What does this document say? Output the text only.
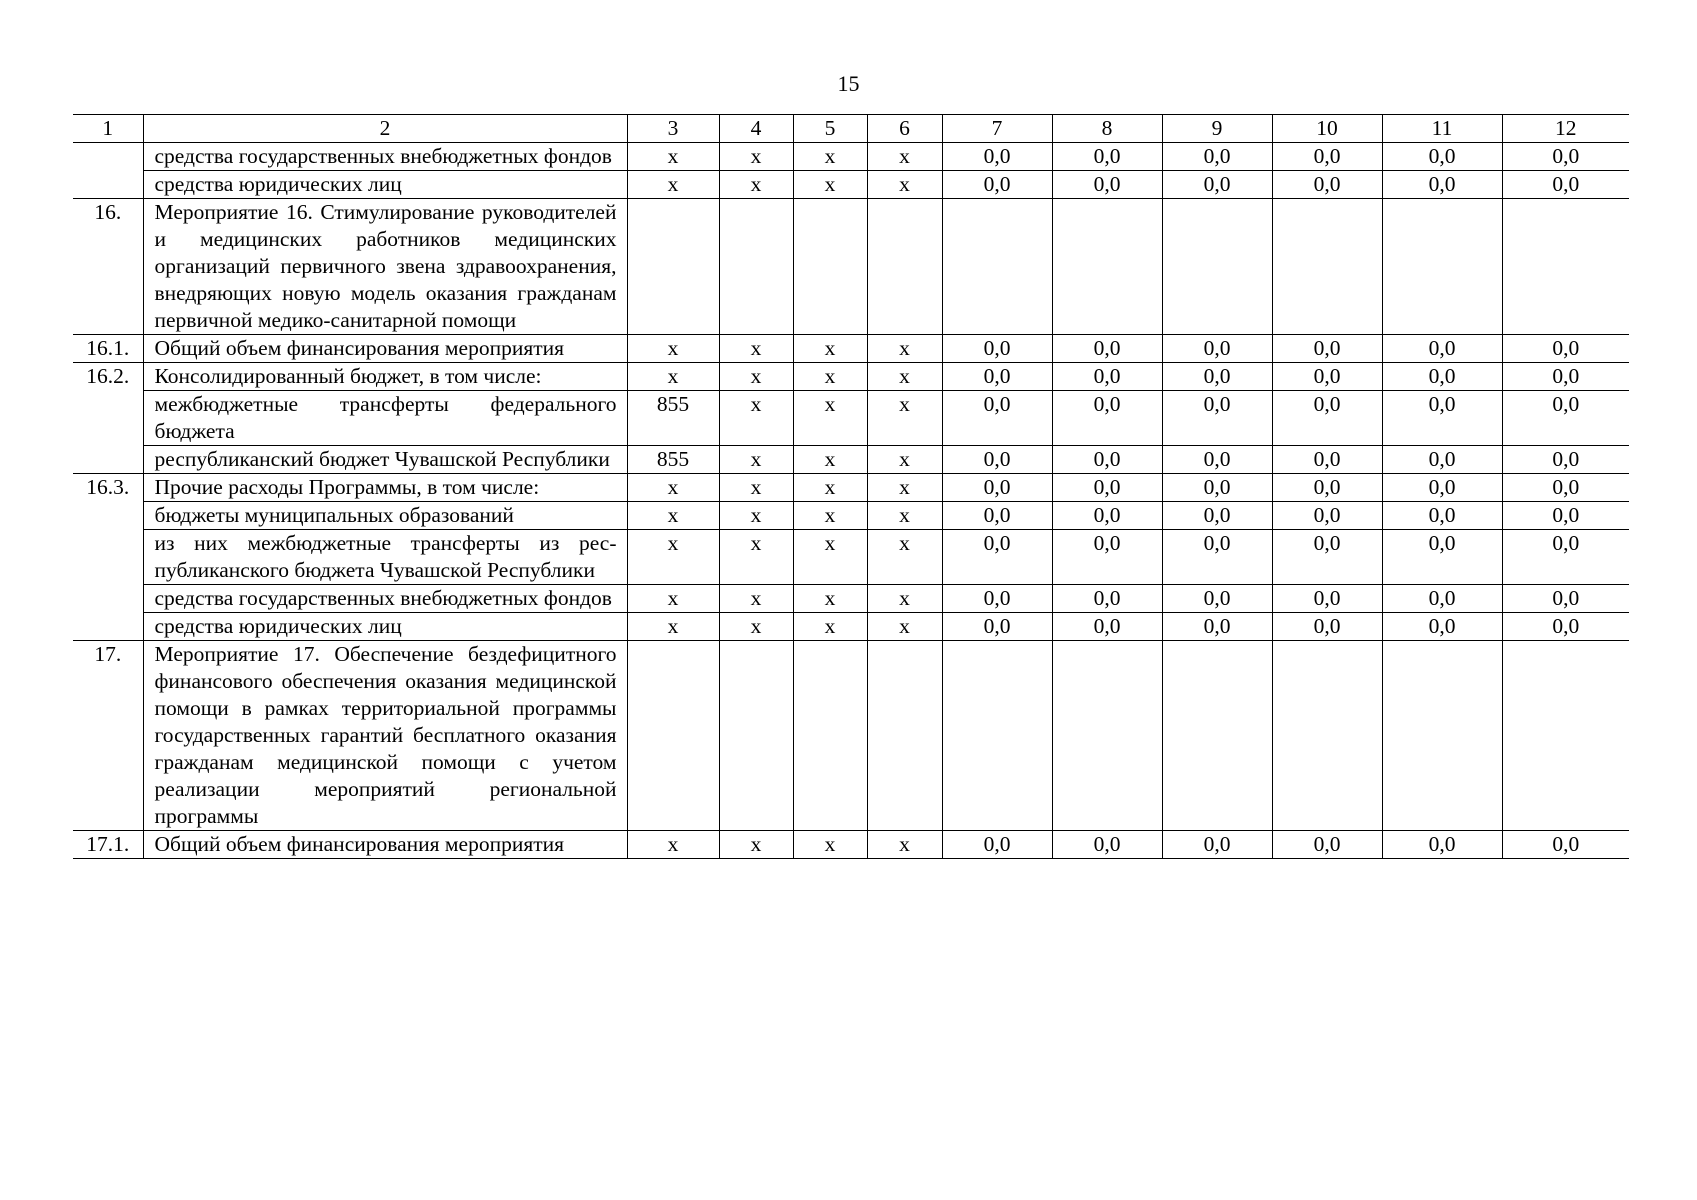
15
1	2	3	4	5	6	7	8	9	10	11	12
	средства государственных внебюджетных фондов	х	х	х	х	0,0	0,0	0,0	0,0	0,0	0,0
	средства юридических лиц	х	х	х	х	0,0	0,0	0,0	0,0	0,0	0,0
16.	Мероприятие 16. Стимулирование руководителей и медицинских работников медицинских организаций первичного звена здравоохранения, внедряющих новую модель оказания гражданам первичной медико-санитарной помощи										
16.1.	Общий объем финансирования мероприятия	х	х	х	х	0,0	0,0	0,0	0,0	0,0	0,0
16.2.	Консолидированный бюджет, в том числе:	х	х	х	х	0,0	0,0	0,0	0,0	0,0	0,0
	межбюджетные трансферты федерального бюджета	855	х	х	х	0,0	0,0	0,0	0,0	0,0	0,0
	республиканский бюджет Чувашской Республики	855	х	х	х	0,0	0,0	0,0	0,0	0,0	0,0
16.3.	Прочие расходы Программы, в том числе:	х	х	х	х	0,0	0,0	0,0	0,0	0,0	0,0
	бюджеты муниципальных образований	х	х	х	х	0,0	0,0	0,0	0,0	0,0	0,0
	из них межбюджетные трансферты из республиканского бюджета Чувашской Республики	х	х	х	х	0,0	0,0	0,0	0,0	0,0	0,0
	средства государственных внебюджетных фондов	х	х	х	х	0,0	0,0	0,0	0,0	0,0	0,0
	средства юридических лиц	х	х	х	х	0,0	0,0	0,0	0,0	0,0	0,0
17.	Мероприятие 17. Обеспечение бездефицитного финансового обеспечения оказания медицинской помощи в рамках территориальной программы государственных гарантий бесплатного оказания гражданам медицинской помощи с учетом реализации мероприятий региональной программы										
17.1.	Общий объем финансирования мероприятия	х	х	х	х	0,0	0,0	0,0	0,0	0,0	0,0
